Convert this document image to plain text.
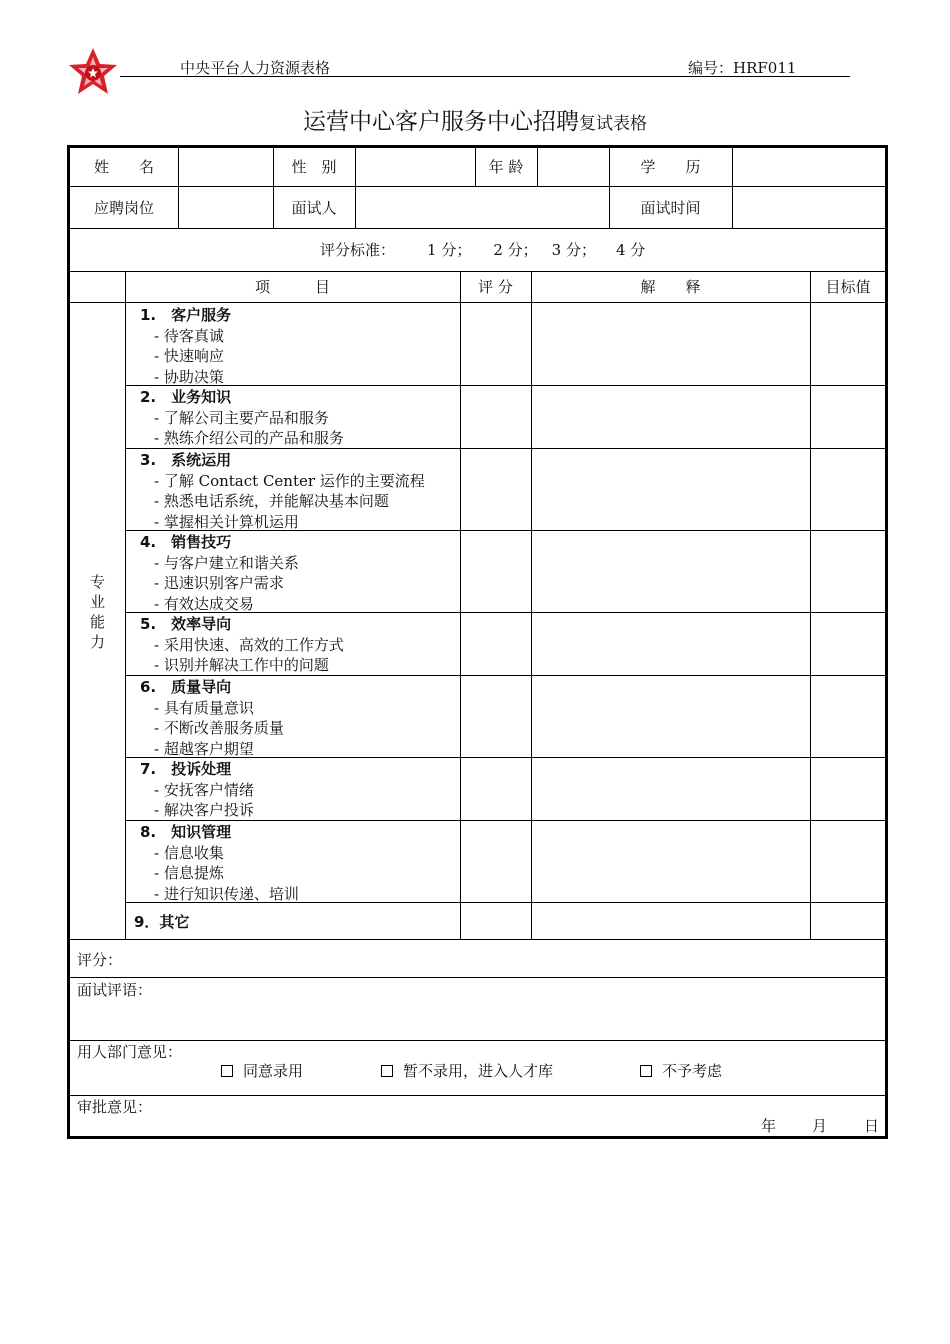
中央平台人力资源表格	编号：HRF011
运营中心客户服务中心招聘复试表格
姓　　名	性　别	年 龄	学　　历
应聘岗位	面试人	面试时间
评分标准： 1 分； 2 分； 3 分； 4 分
项　　　目	评 分	解　　释	目标值
专
业
能
力
1.　客户服务
- 待客真诚
- 快速响应
- 协助决策
2.　业务知识
- 了解公司主要产品和服务
- 熟练介绍公司的产品和服务
3.　系统运用
- 了解 Contact Center 运作的主要流程
- 熟悉电话系统，并能解决基本问题
- 掌握相关计算机运用
4.　销售技巧
- 与客户建立和谐关系
- 迅速识别客户需求
- 有效达成交易
5.　效率导向
- 采用快速、高效的工作方式
- 识别并解决工作中的问题
6.　质量导向
- 具有质量意识
- 不断改善服务质量
- 超越客户期望
7.　投诉处理
- 安抚客户情绪
- 解决客户投诉
8.　知识管理
- 信息收集
- 信息提炼
- 进行知识传递、培训
9．其它
评分：
面试评语：
用人部门意见：
同意录用	暂不录用，进入人才库	不予考虑
审批意见：
年 月 日
